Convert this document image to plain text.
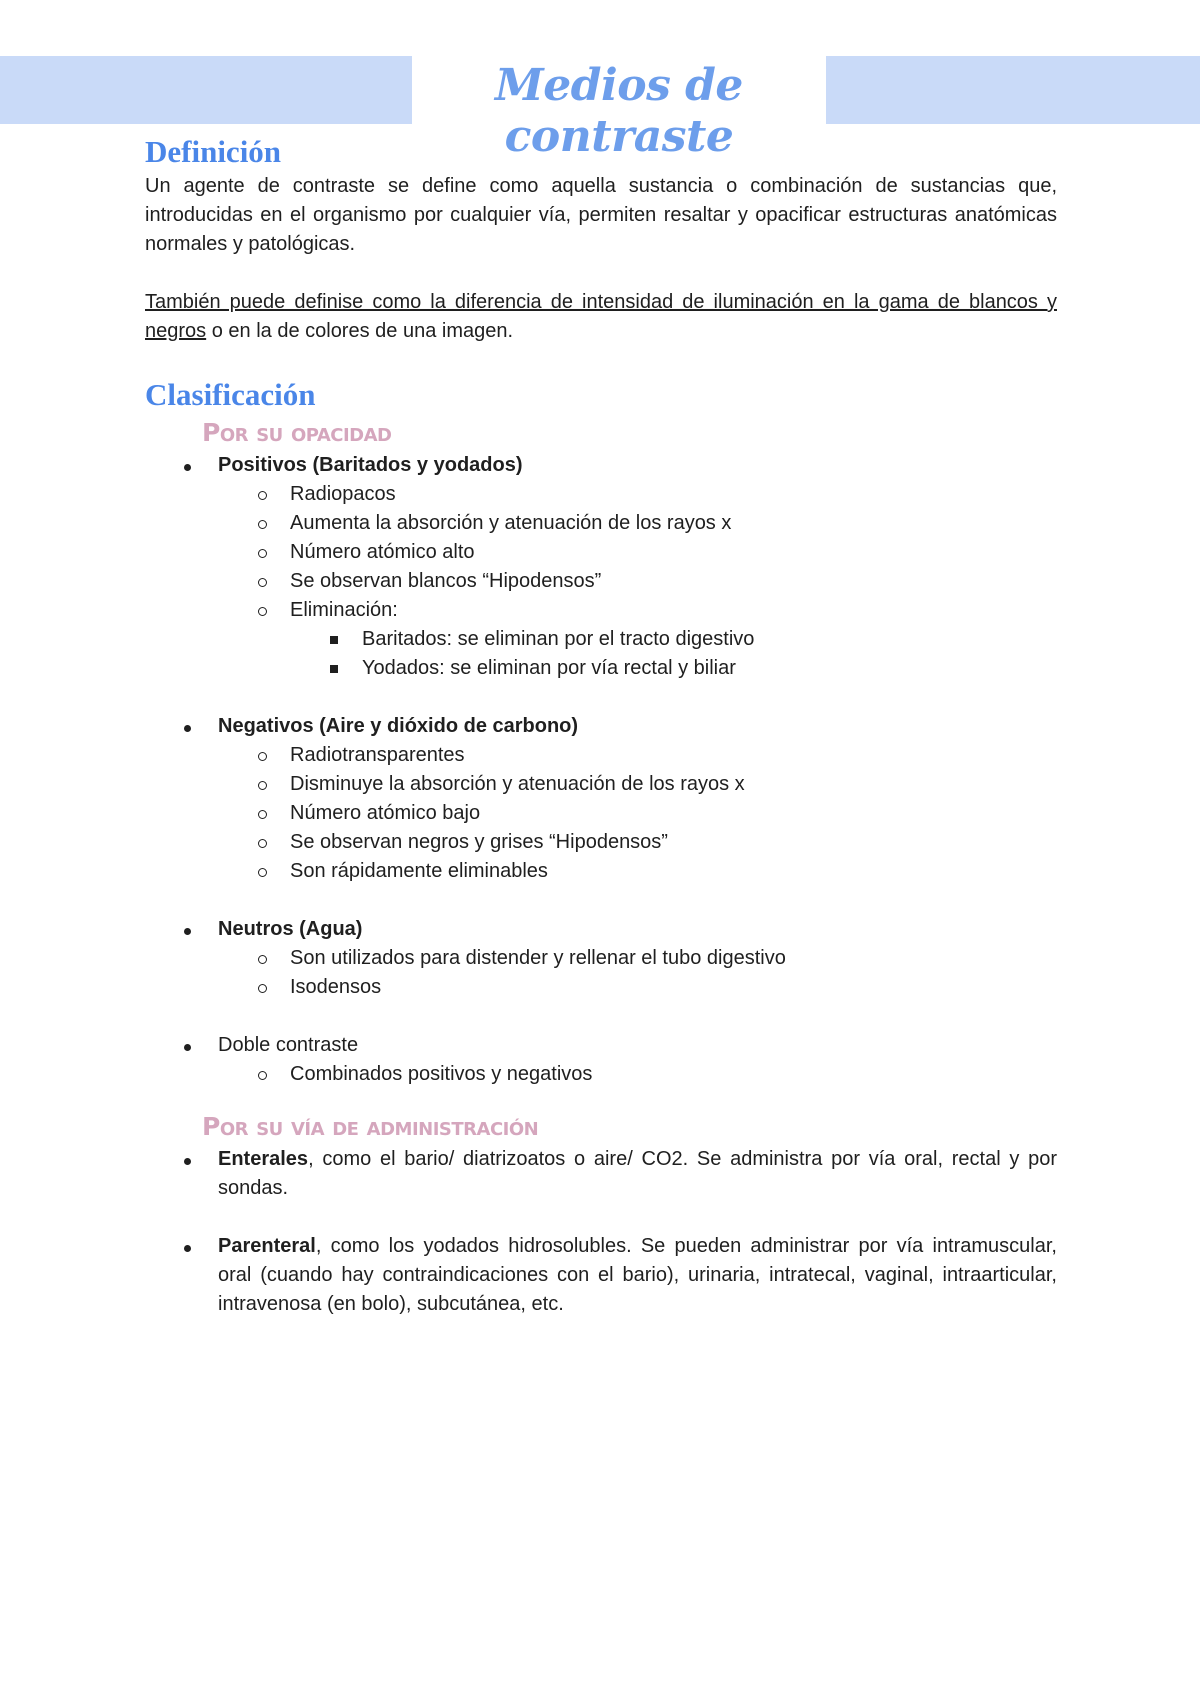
Medios de contraste
Definición

Un agente de contraste se define como aquella sustancia o combinación de sustancias que, introducidas en el organismo por cualquier vía, permiten resaltar y opacificar estructuras anatómicas normales y patológicas.

También puede definise como la diferencia de intensidad de iluminación en la gama de blancos y negros o en la de colores de una imagen.

Clasificación
Por su opacidad
Positivos (Baritados y yodados)
Radiopacos
Aumenta la absorción y atenuación de los rayos x
Número atómico alto
Se observan blancos “Hipodensos”
Eliminación:
Baritados: se eliminan por el tracto digestivo
Yodados: se eliminan por vía rectal y biliar
Negativos (Aire y dióxido de carbono)
Radiotransparentes
Disminuye la absorción y atenuación de los rayos x
Número atómico bajo
Se observan negros y grises “Hipodensos”
Son rápidamente eliminables
Neutros (Agua)
Son utilizados para distender y rellenar el tubo digestivo
Isodensos
Doble contraste
Combinados positivos y negativos
Por su vía de administración
Enterales, como el bario/ diatrizoatos o aire/ CO2. Se administra por vía oral, rectal y por sondas.
Parenteral, como los yodados hidrosolubles. Se pueden administrar por vía intramuscular, oral (cuando hay contraindicaciones con el bario), urinaria, intratecal, vaginal, intraarticular, intravenosa (en bolo), subcutánea, etc.
